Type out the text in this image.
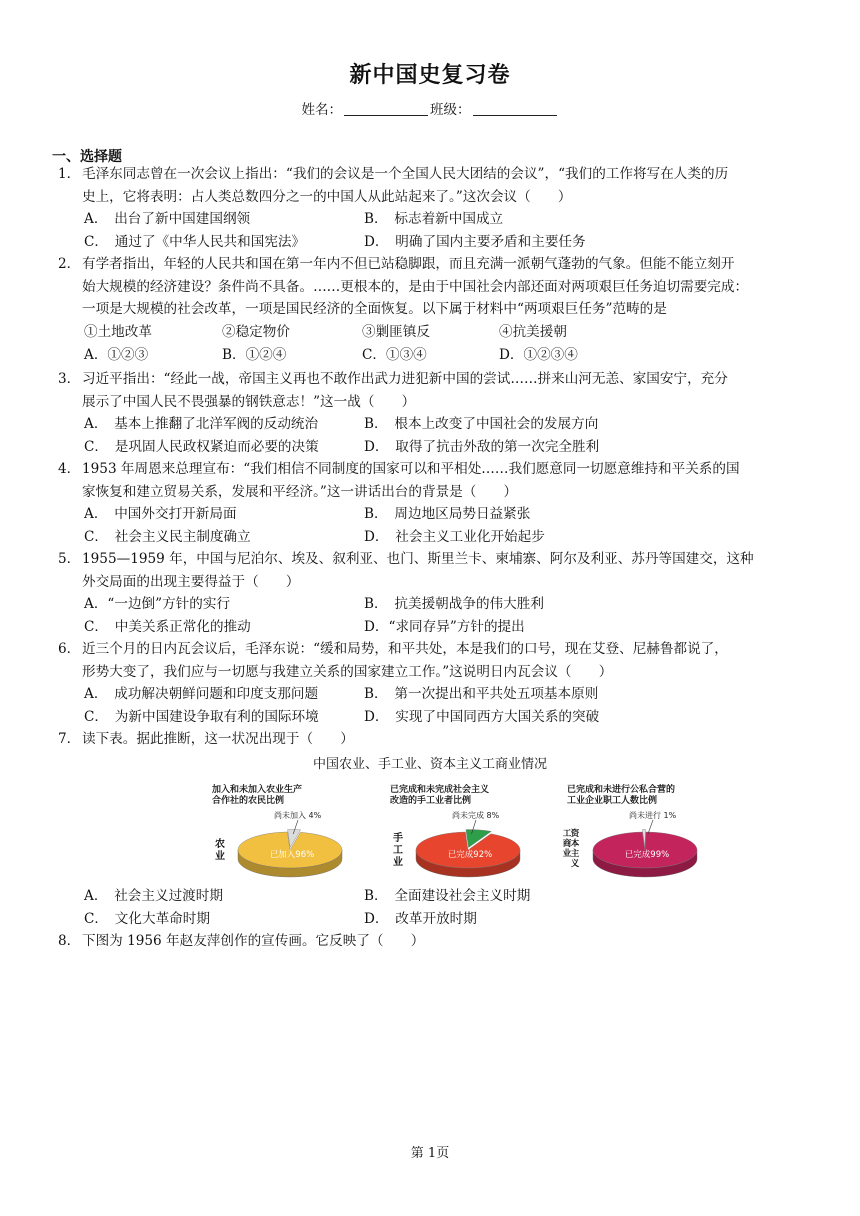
新中国史复习卷
姓名：	班级：
一、选择题
1． 毛泽东同志曾在一次会议上指出：“我们的会议是一个全国人民大团结的会议”，“我们的工作将写在人类的历
史上，它将表明：占人类总数四分之一的中国人从此站起来了。”这次会议（　　）
A．　出台了新中国建国纲领	B．　标志着新中国成立
C．　通过了《中华人民共和国宪法》	D．　明确了国内主要矛盾和主要任务
2． 有学者指出，年轻的人民共和国在第一年内不但已站稳脚跟，而且充满一派朝气蓬勃的气象。但能不能立刻开
始大规模的经济建设？条件尚不具备。……更根本的，是由于中国社会内部还面对两项艰巨任务迫切需要完成：
一项是大规模的社会改革，一项是国民经济的全面恢复。以下属于材料中“两项艰巨任务”范畴的是
①土地改革	②稳定物价	③剿匪镇反	④抗美援朝
A．①②③	B．①②④	C．①③④	D．①②③④
3． 习近平指出：“经此一战，帝国主义再也不敢作出武力进犯新中国的尝试……拼来山河无恙、家国安宁，充分
展示了中国人民不畏强暴的钢铁意志！”这一战（　　）
A．　基本上推翻了北洋军阀的反动统治	B．　根本上改变了中国社会的发展方向
C．　是巩固人民政权紧迫而必要的决策	D．　取得了抗击外敌的第一次完全胜利
4． 1953 年周恩来总理宣布：“我们相信不同制度的国家可以和平相处……我们愿意同一切愿意维持和平关系的国
家恢复和建立贸易关系，发展和平经济。”这一讲话出台的背景是（　　）
A．　中国外交打开新局面	B．　周边地区局势日益紧张
C．　社会主义民主制度确立	D．　社会主义工业化开始起步
5． 1955—1959 年，中国与尼泊尔、埃及、叙利亚、也门、斯里兰卡、柬埔寨、阿尔及利亚、苏丹等国建交，这种
外交局面的出现主要得益于（　　）
A．“一边倒”方针的实行	B．　抗美援朝战争的伟大胜利
C．　中美关系正常化的推动	D．“求同存异”方针的提出
6． 近三个月的日内瓦会议后，毛泽东说：“缓和局势，和平共处，本是我们的口号，现在艾登、尼赫鲁都说了，
形势大变了，我们应与一切愿与我建立关系的国家建立工作。”这说明日内瓦会议（　　）
A．　成功解决朝鲜问题和印度支那问题	B．　第一次提出和平共处五项基本原则
C．　为新中国建设争取有利的国际环境	D．　实现了中国同西方大国关系的突破
7． 读下表。据此推断，这一状况出现于（　　）
中国农业、手工业、资本主义工商业情况
加入和未加入农业生产
合作社的农民比例
农
业
尚未加入 4%
已加入96%
已完成和未完成社会主义
改造的手工业者比例
手
工
业
尚未完成 8%
已完成92%
已完成和未进行公私合营的
工业企业职工人数比例
资
本
主
义
工
商
业
尚未进行 1%
已完成99%
A．　社会主义过渡时期	B．　全面建设社会主义时期
C．　文化大革命时期	D．　改革开放时期
8． 下图为 1956 年赵友萍创作的宣传画。它反映了（　　）
第 1页
